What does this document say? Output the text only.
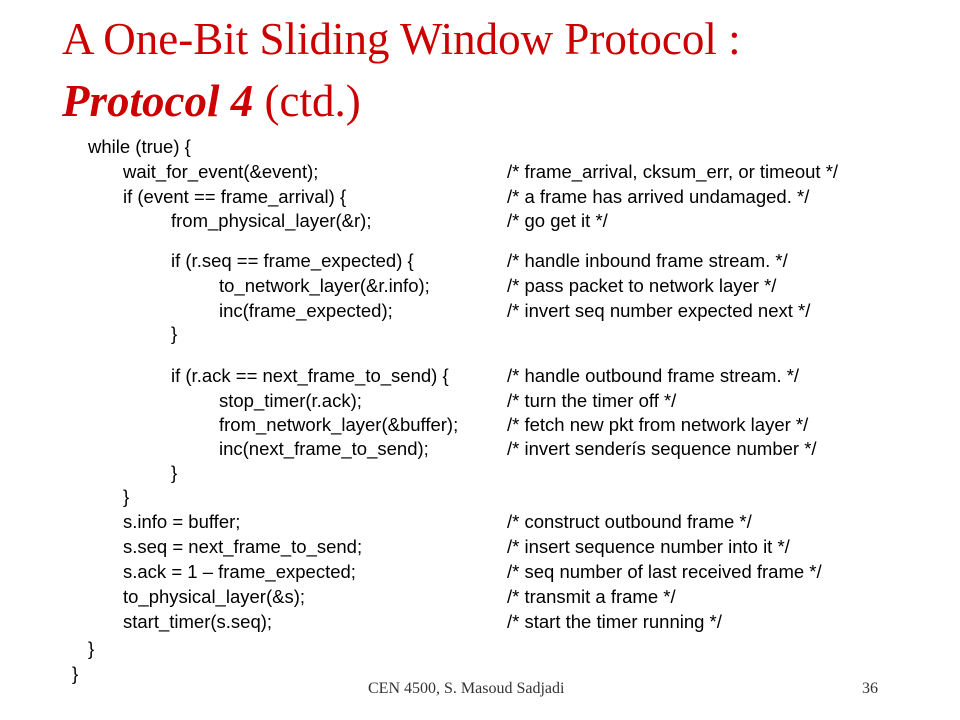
A One-Bit Sliding Window Protocol :
Protocol 4 (ctd.)
while (true) {
wait_for_event(&event);	/* frame_arrival, cksum_err, or timeout */
if (event == frame_arrival) {	/* a frame has arrived undamaged. */
from_physical_layer(&r);	/* go get it */
if (r.seq == frame_expected) {	/* handle inbound frame stream. */
to_network_layer(&r.info);	/* pass packet to network layer */
inc(frame_expected);	/* invert seq number expected next */
}
if (r.ack == next_frame_to_send) {	/* handle outbound frame stream. */
stop_timer(r.ack);	/* turn the timer off */
from_network_layer(&buffer);	/* fetch new pkt from network layer */
inc(next_frame_to_send);	/* invert senderís sequence number */
}
}
s.info = buffer;	/* construct outbound frame */
s.seq = next_frame_to_send;	/* insert sequence number into it */
s.ack = 1 – frame_expected;	/* seq number of last received frame */
to_physical_layer(&s);	/* transmit a frame */
start_timer(s.seq);	/* start the timer running */
}
}
CEN 4500, S. Masoud Sadjadi	36
